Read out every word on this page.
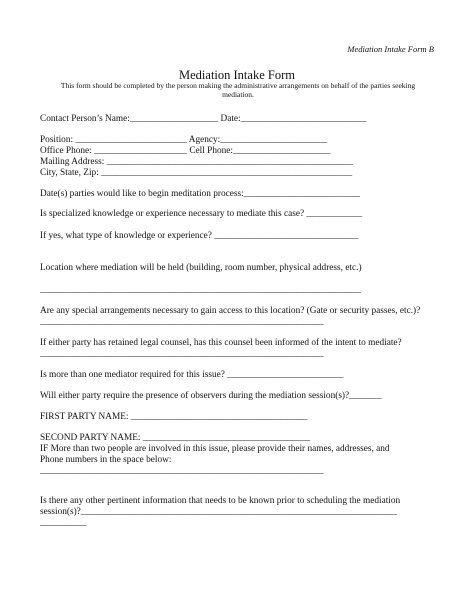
Mediation Intake Form B
Mediation Intake Form
This form should be completed by the person making the administrative arrangements on behalf of the parties seeking mediation.
Contact Person’s Name:___________________ Date:___________________________
Position: ________________________ Agency:_______________________
Office Phone: ____________________ Cell Phone:_____________________
Mailing Address: _____________________________________________________
City, State, Zip: ______________________________________________________
Date(s) parties would like to begin meditation process:_________________________
Is specialized knowledge or experience necessary to mediate this case? ____________
If yes, what type of knowledge or experience? _______________________________
Location where mediation will be held (building, room number, physical address, etc.)
_____________________________________________________________________
Are any special arrangements necessary to gain access to this location? (Gate or security passes, etc.)?
_____________________________________________________________
If either party has retained legal counsel, has this counsel been informed of the intent to mediate?
_____________________________________________________________
Is more than one mediator required for this issue? _________________________
Will either party require the presence of observers during the mediation session(s)?_______
FIRST PARTY NAME: ______________________________________
SECOND PARTY NAME: ____________________________________
IF More than two people are involved in this issue, please provide their names, addresses, and
Phone numbers in the space below:
_____________________________________________________________
Is there any other pertinent information that needs to be known prior to scheduling the mediation
session(s)?____________________________________________________________________
__________
